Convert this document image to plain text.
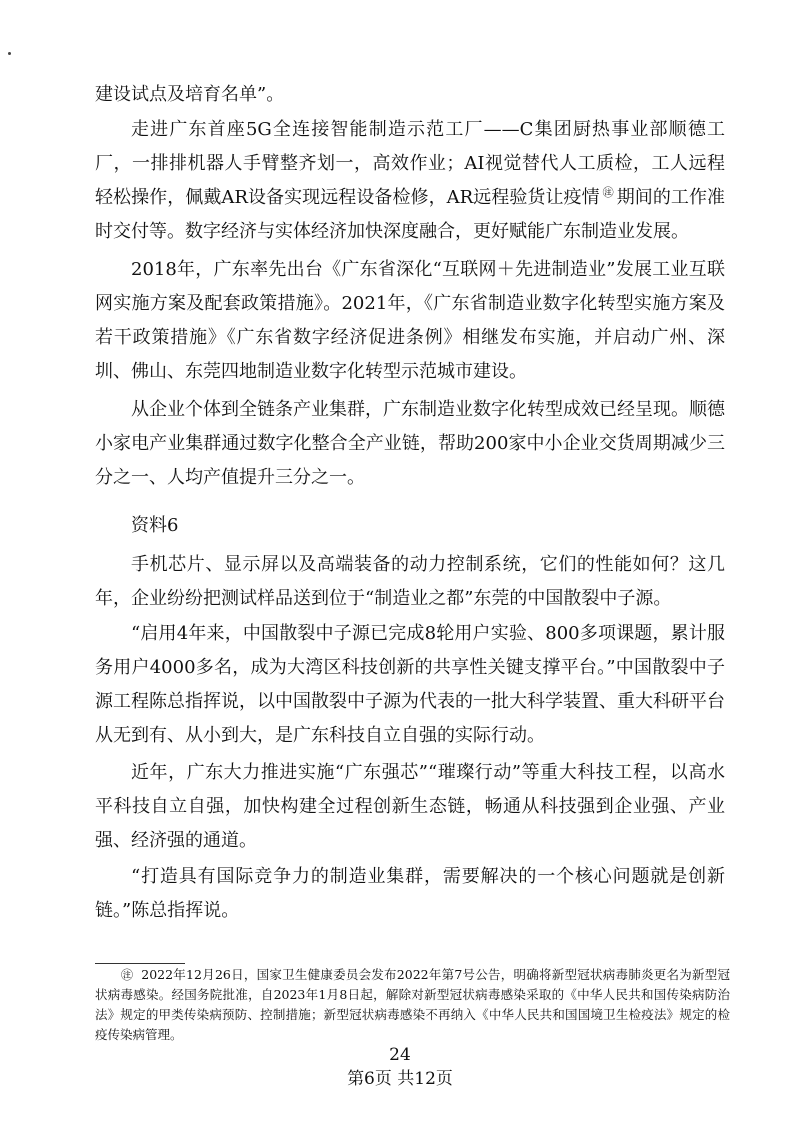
建设试点及培育名单”。

走进广东首座5G全连接智能制造示范工厂——C集团厨热事业部顺德工厂，一排排机器人手臂整齐划一，高效作业；AI视觉替代人工质检，工人远程轻松操作，佩戴AR设备实现远程设备检修，AR远程验货让疫情 ㊟ 期间的工作准时交付等。数字经济与实体经济加快深度融合，更好赋能广东制造业发展。

2018年，广东率先出台《广东省深化“互联网＋先进制造业”发展工业互联网实施方案及配套政策措施》。2021年，《广东省制造业数字化转型实施方案及若干政策措施》《广东省数字经济促进条例》相继发布实施，并启动广州、深圳、佛山、东莞四地制造业数字化转型示范城市建设。

从企业个体到全链条产业集群，广东制造业数字化转型成效已经呈现。顺德小家电产业集群通过数字化整合全产业链，帮助200家中小企业交货周期减少三分之一、人均产值提升三分之一。

资料6

手机芯片、显示屏以及高端装备的动力控制系统，它们的性能如何？这几年，企业纷纷把测试样品送到位于“制造业之都”东莞的中国散裂中子源。

“启用4年来，中国散裂中子源已完成8轮用户实验、800多项课题，累计服务用户4000多名，成为大湾区科技创新的共享性关键支撑平台。”中国散裂中子源工程陈总指挥说，以中国散裂中子源为代表的一批大科学装置、重大科研平台从无到有、从小到大，是广东科技自立自强的实际行动。

近年，广东大力推进实施“广东强芯”“璀璨行动”等重大科技工程，以高水平科技自立自强，加快构建全过程创新生态链，畅通从科技强到企业强、产业强、经济强的通道。

“打造具有国际竞争力的制造业集群，需要解决的一个核心问题就是创新链。”陈总指挥说。

㊟ 2022年12月26日，国家卫生健康委员会发布2022年第7号公告，明确将新型冠状病毒肺炎更名为新型冠状病毒感染。经国务院批准，自2023年1月8日起，解除对新型冠状病毒感染采取的《中华人民共和国传染病防治法》规定的甲类传染病预防、控制措施；新型冠状病毒感染不再纳入《中华人民共和国国境卫生检疫法》规定的检疫传染病管理。

24
第6页 共12页
